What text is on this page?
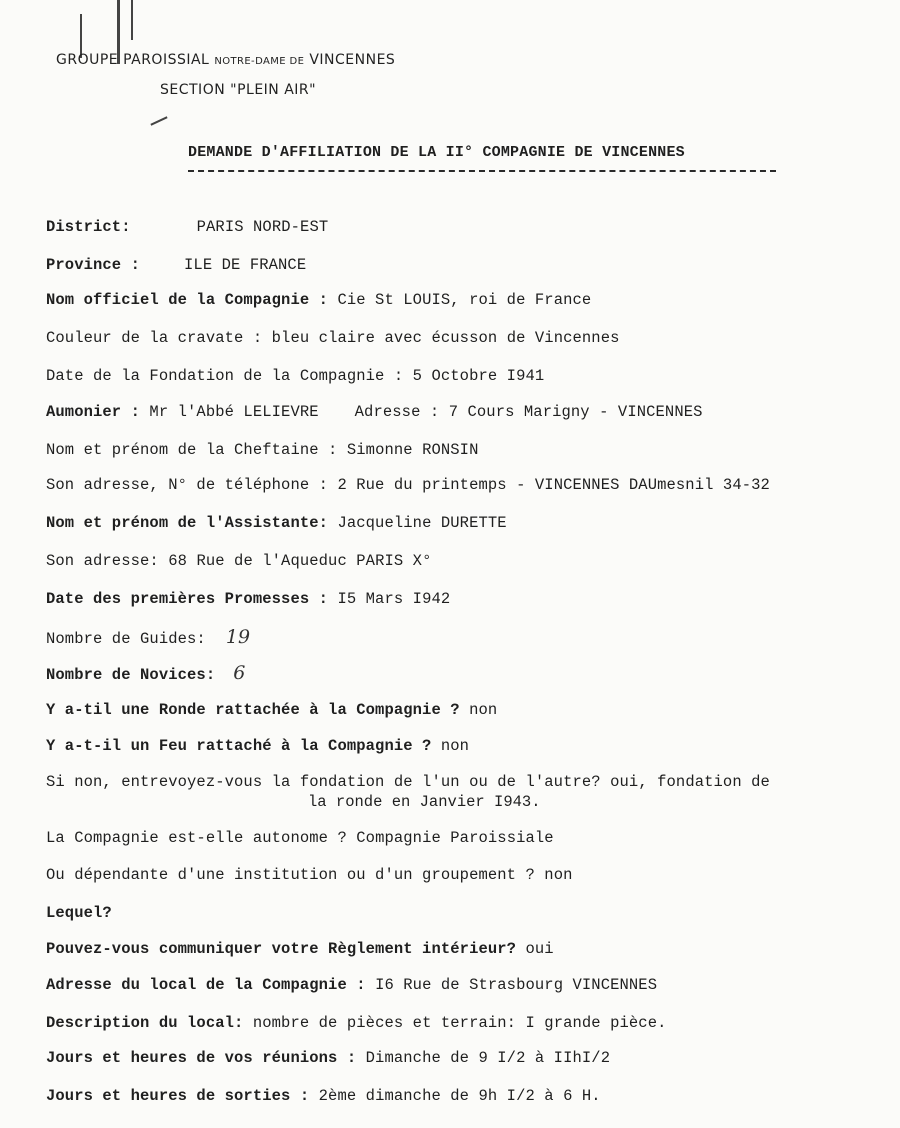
GROUPE PAROISSIAL NOTRE-DAME DE VINCENNES
SECTION "PLEIN AIR"
DEMANDE D'AFFILIATION DE LA II° COMPAGNIE DE VINCENNES
District:	PARIS NORD-EST
Province :	ILE DE FRANCE
Nom officiel de la Compagnie : Cie St LOUIS, roi de France
Couleur de la cravate : bleu claire avec écusson de Vincennes
Date de la Fondation de la Compagnie : 5 Octobre I941
Aumonier : Mr l'Abbé LELIEVRE Adresse : 7 Cours Marigny - VINCENNES
Nom et prénom de la Cheftaine : Simonne RONSIN
Son adresse, N° de téléphone : 2 Rue du printemps - VINCENNES DAUmesnil 34-32
Nom et prénom de l'Assistante: Jacqueline DURETTE
Son adresse: 68 Rue de l'Aqueduc PARIS X°
Date des premières Promesses : I5 Mars I942
Nombre de Guides: 19
Nombre de Novices: 6
Y a-til une Ronde rattachée à la Compagnie ? non
Y a-t-il un Feu rattaché à la Compagnie ? non
Si non, entrevoyez-vous la fondation de l'un ou de l'autre? oui, fondation de
la ronde en Janvier I943.
La Compagnie est-elle autonome ? Compagnie Paroissiale
Ou dépendante d'une institution ou d'un groupement ? non
Lequel?
Pouvez-vous communiquer votre Règlement intérieur? oui
Adresse du local de la Compagnie : I6 Rue de Strasbourg VINCENNES
Description du local: nombre de pièces et terrain: I grande pièce.
Jours et heures de vos réunions : Dimanche de 9 I/2 à IIhI/2
Jours et heures de sorties : 2ème dimanche de 9h I/2 à 6 H.
